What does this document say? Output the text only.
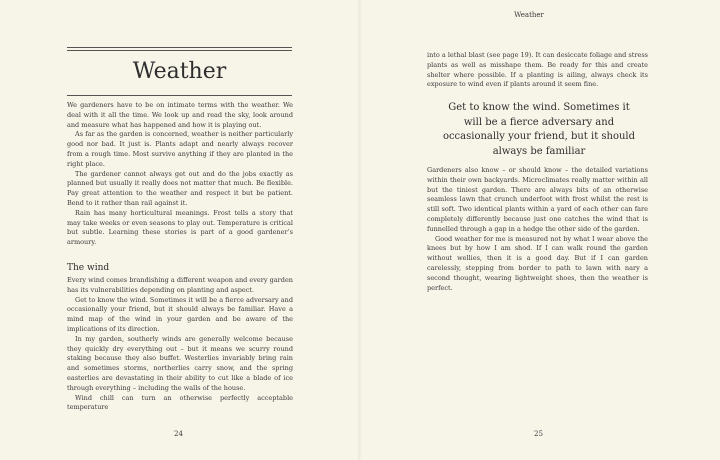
Weather

We gardeners have to be on intimate terms with the weather. We deal with it all the time. We look up and read the sky, look around and measure what has happened and how it is playing out.

As far as the garden is concerned, weather is neither particularly good nor bad. It just is. Plants adapt and nearly always recover from a rough time. Most survive anything if they are planted in the right place.

The gardener cannot always get out and do the jobs exactly as planned but usually it really does not matter that much. Be flexible. Pay great attention to the weather and respect it but be patient. Bend to it rather than rail against it.

Rain has many horticultural meanings. Frost tells a story that may take weeks or even seasons to play out. Temperature is critical but subtle. Learning these stories is part of a good gardener’s armoury.

The wind

Every wind comes brandishing a different weapon and every garden has its vulnerabilities depending on planting and aspect.

Get to know the wind. Sometimes it will be a fierce adversary and occasionally your friend, but it should always be familiar. Have a mind map of the wind in your garden and be aware of the implications of its direction.

In my garden, southerly winds are generally welcome because they quickly dry everything out – but it means we scurry round staking because they also buffet. Westerlies invariably bring rain and sometimes storms, northerlies carry snow, and the spring easterlies are devastating in their ability to cut like a blade of ice through everything – including the walls of the house.

Wind chill can turn an otherwise perfectly acceptable temperature

24
Weather

into a lethal blast (see page 19). It can desiccate foliage and stress plants as well as misshape them. Be ready for this and create shelter where possible. If a planting is ailing, always check its exposure to wind even if plants around it seem fine.

Get to know the wind. Sometimes it will be a fierce adversary and occasionally your friend, but it should always be familiar

Gardeners also know – or should know – the detailed variations within their own backyards. Microclimates really matter within all but the tiniest garden. There are always bits of an otherwise seamless lawn that crunch underfoot with frost whilst the rest is still soft. Two identical plants within a yard of each other can fare completely differently because just one catches the wind that is funnelled through a gap in a hedge the other side of the garden.

Good weather for me is measured not by what I wear above the knees but by how I am shod. If I can walk round the garden without wellies, then it is a good day. But if I can garden carelessly, stepping from border to path to lawn with nary a second thought, wearing lightweight shoes, then the weather is perfect.

25
